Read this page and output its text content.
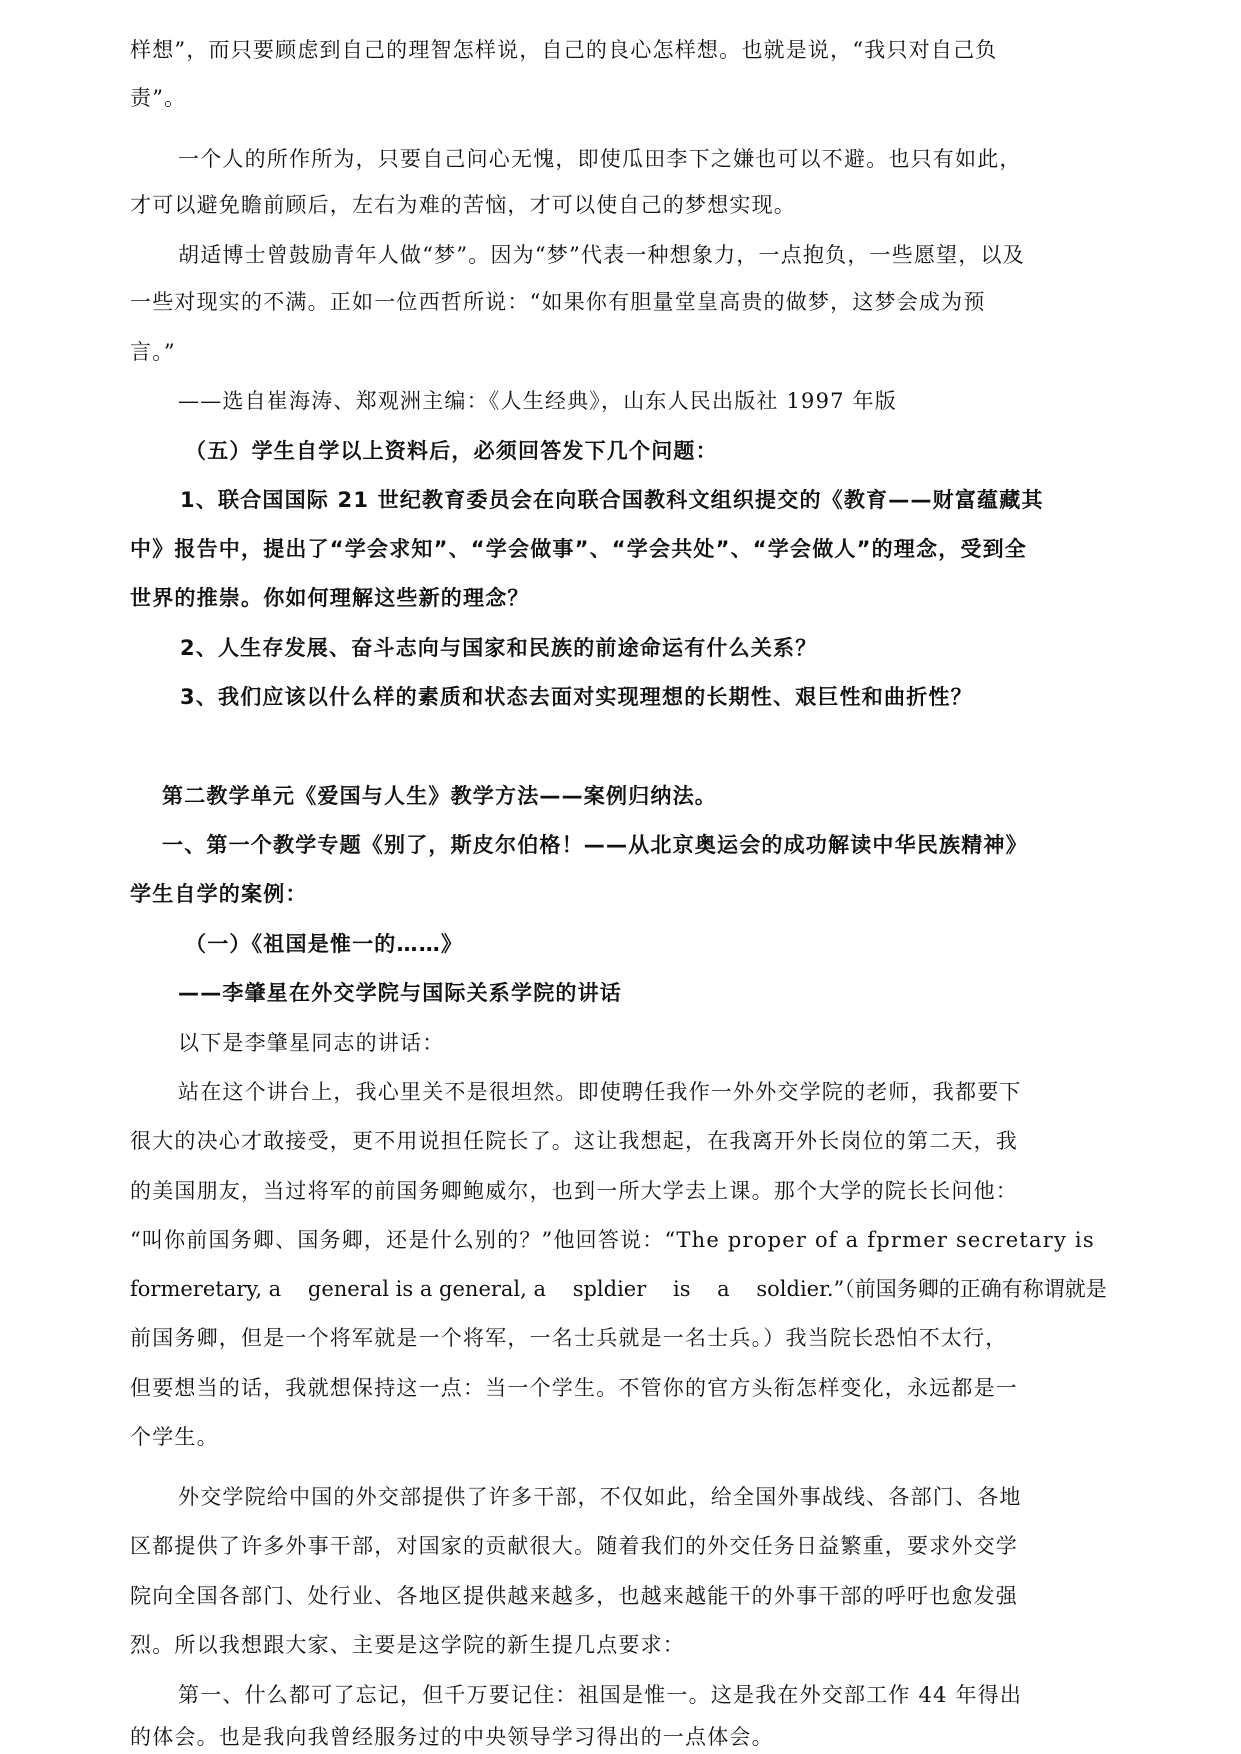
样想”，而只要顾虑到自己的理智怎样说，自己的良心怎样想。也就是说，“我只对自己负
责”。
一个人的所作所为，只要自己问心无愧，即使瓜田李下之嫌也可以不避。也只有如此，
才可以避免瞻前顾后，左右为难的苦恼，才可以使自己的梦想实现。
胡适博士曾鼓励青年人做“梦”。因为“梦”代表一种想象力，一点抱负，一些愿望，以及
一些对现实的不满。正如一位西哲所说：“如果你有胆量堂皇高贵的做梦，这梦会成为预
言。”
——选自崔海涛、郑观洲主编：《人生经典》，山东人民出版社 1997 年版
（五）学生自学以上资料后，必须回答发下几个问题：
1、联合国国际 21 世纪教育委员会在向联合国教科文组织提交的《教育——财富蕴藏其
中》报告中，提出了“学会求知”、“学会做事”、“学会共处”、“学会做人”的理念，受到全
世界的推崇。你如何理解这些新的理念？
2、人生存发展、奋斗志向与国家和民族的前途命运有什么关系？
3、我们应该以什么样的素质和状态去面对实现理想的长期性、艰巨性和曲折性？
第二教学单元《爱国与人生》教学方法——案例归纳法。
一、第一个教学专题《别了，斯皮尔伯格！——从北京奥运会的成功解读中华民族精神》
学生自学的案例：
（一）《祖国是惟一的……》
——李肇星在外交学院与国际关系学院的讲话
以下是李肇星同志的讲话：
站在这个讲台上，我心里关不是很坦然。即使聘任我作一外外交学院的老师，我都要下
很大的决心才敢接受，更不用说担任院长了。这让我想起，在我离开外长岗位的第二天，我
的美国朋友，当过将军的前国务卿鲍威尔，也到一所大学去上课。那个大学的院长长问他：
“叫你前国务卿、国务卿，还是什么别的？”他回答说：“The proper of a fprmer secretary is
formeretary, a    general is a general, a    spldier    is    a    soldier.”（前国务卿的正确有称谓就是
前国务卿，但是一个将军就是一个将军，一名士兵就是一名士兵。）我当院长恐怕不太行，
但要想当的话，我就想保持这一点：当一个学生。不管你的官方头衔怎样变化，永远都是一
个学生。
外交学院给中国的外交部提供了许多干部，不仅如此，给全国外事战线、各部门、各地
区都提供了许多外事干部，对国家的贡献很大。随着我们的外交任务日益繁重，要求外交学
院向全国各部门、处行业、各地区提供越来越多，也越来越能干的外事干部的呼吁也愈发强
烈。所以我想跟大家、主要是这学院的新生提几点要求：
第一、什么都可了忘记，但千万要记住：祖国是惟一。这是我在外交部工作 44 年得出
的体会。也是我向我曾经服务过的中央领导学习得出的一点体会。
